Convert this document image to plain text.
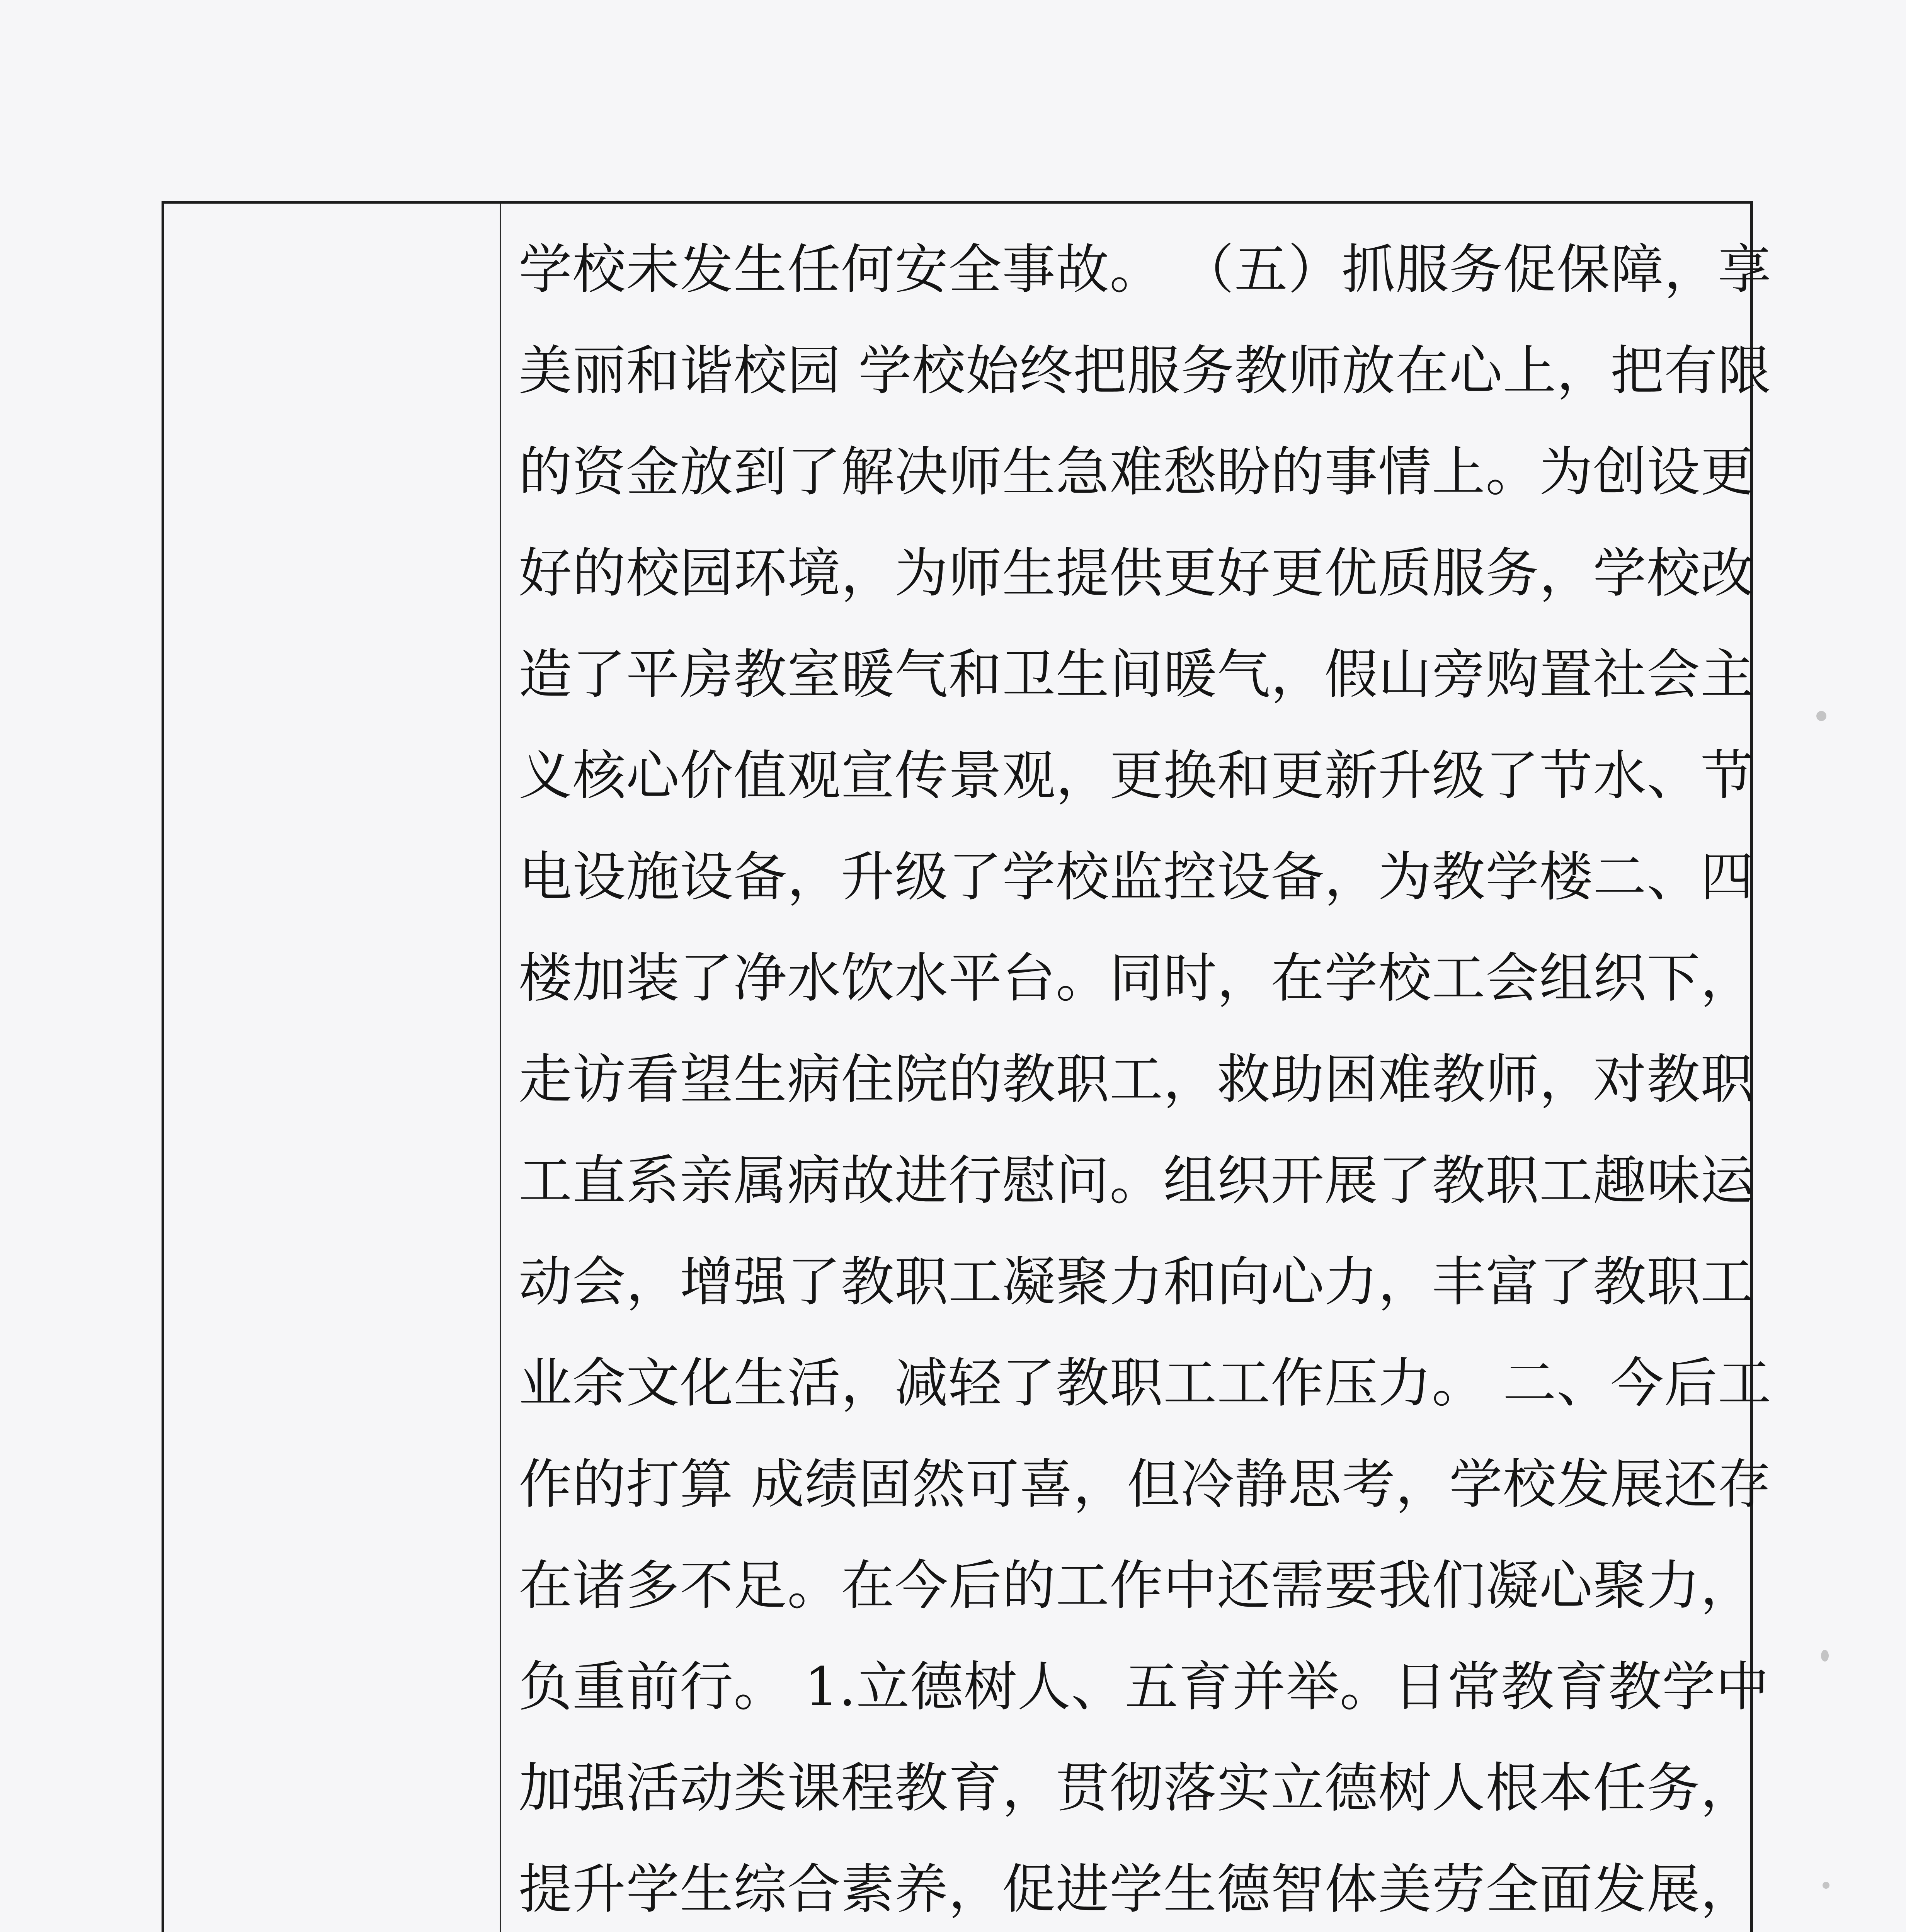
学校未发生任何安全事故。 （五）抓服务促保障，享
美丽和谐校园 学校始终把服务教师放在心上，把有限
的资金放到了解决师生急难愁盼的事情上。为创设更
好的校园环境，为师生提供更好更优质服务，学校改
造了平房教室暖气和卫生间暖气，假山旁购置社会主
义核心价值观宣传景观，更换和更新升级了节水、节
电设施设备，升级了学校监控设备，为教学楼二、四
楼加装了净水饮水平台。同时，在学校工会组织下，
走访看望生病住院的教职工，救助困难教师，对教职
工直系亲属病故进行慰问。组织开展了教职工趣味运
动会，增强了教职工凝聚力和向心力，丰富了教职工
业余文化生活，减轻了教职工工作压力。 二、今后工
作的打算 成绩固然可喜，但冷静思考，学校发展还存
在诸多不足。在今后的工作中还需要我们凝心聚力，
负重前行。 1.立德树人、五育并举。日常教育教学中
加强活动类课程教育，贯彻落实立德树人根本任务，
提升学生综合素养，促进学生德智体美劳全面发展，
